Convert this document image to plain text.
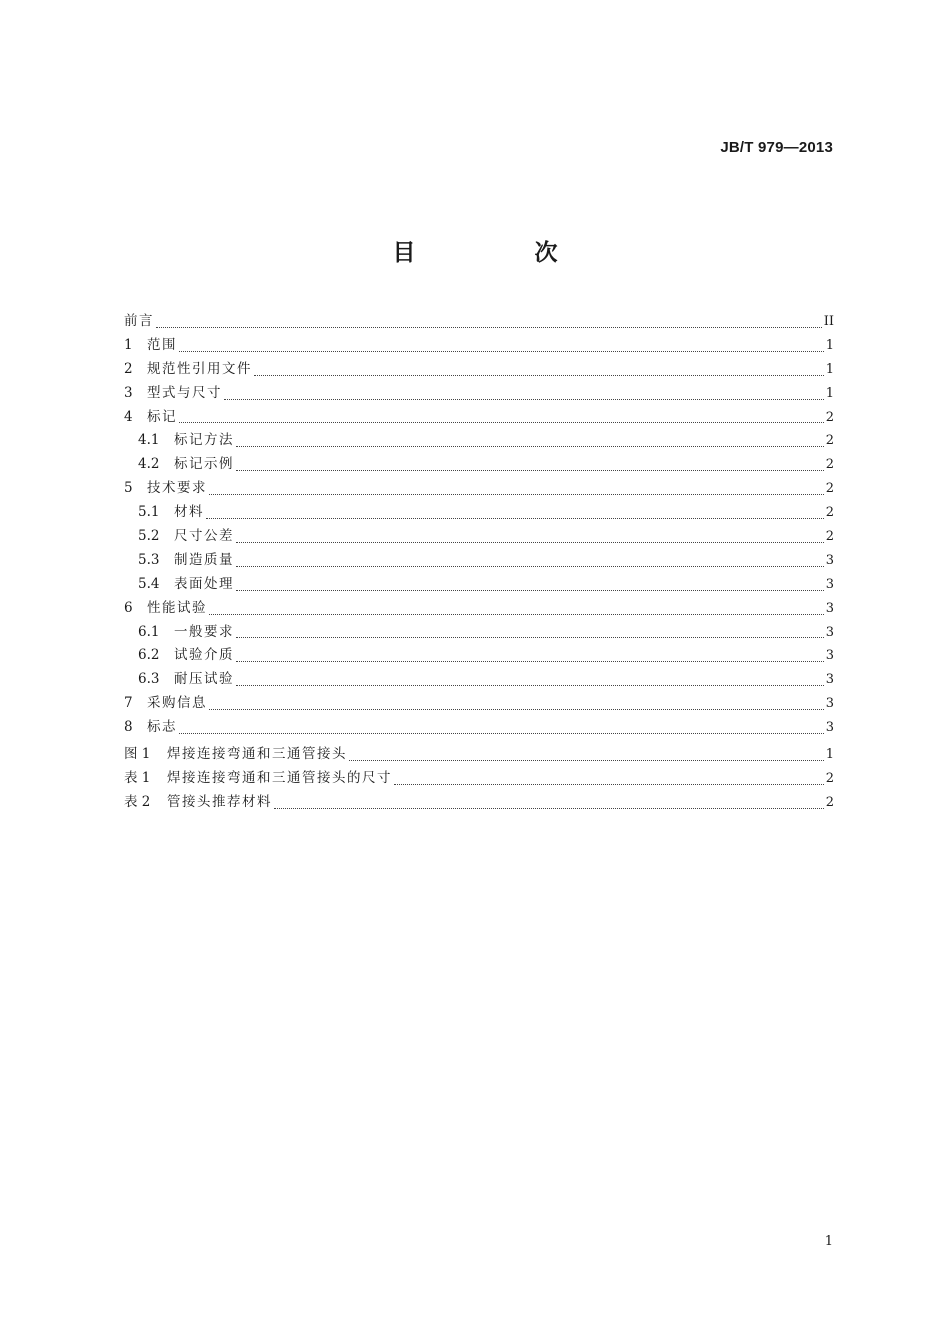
JB/T 979—2013
目　次
前言	II
1	范围	1
2	规范性引用文件	1
3	型式与尺寸	1
4	标记	2
4.1	标记方法	2
4.2	标记示例	2
5	技术要求	2
5.1	材料	2
5.2	尺寸公差	2
5.3	制造质量	3
5.4	表面处理	3
6	性能试验	3
6.1	一般要求	3
6.2	试验介质	3
6.3	耐压试验	3
7	采购信息	3
8	标志	3
图 1	焊接连接弯通和三通管接头	1
表 1	焊接连接弯通和三通管接头的尺寸	2
表 2	管接头推荐材料	2
1
